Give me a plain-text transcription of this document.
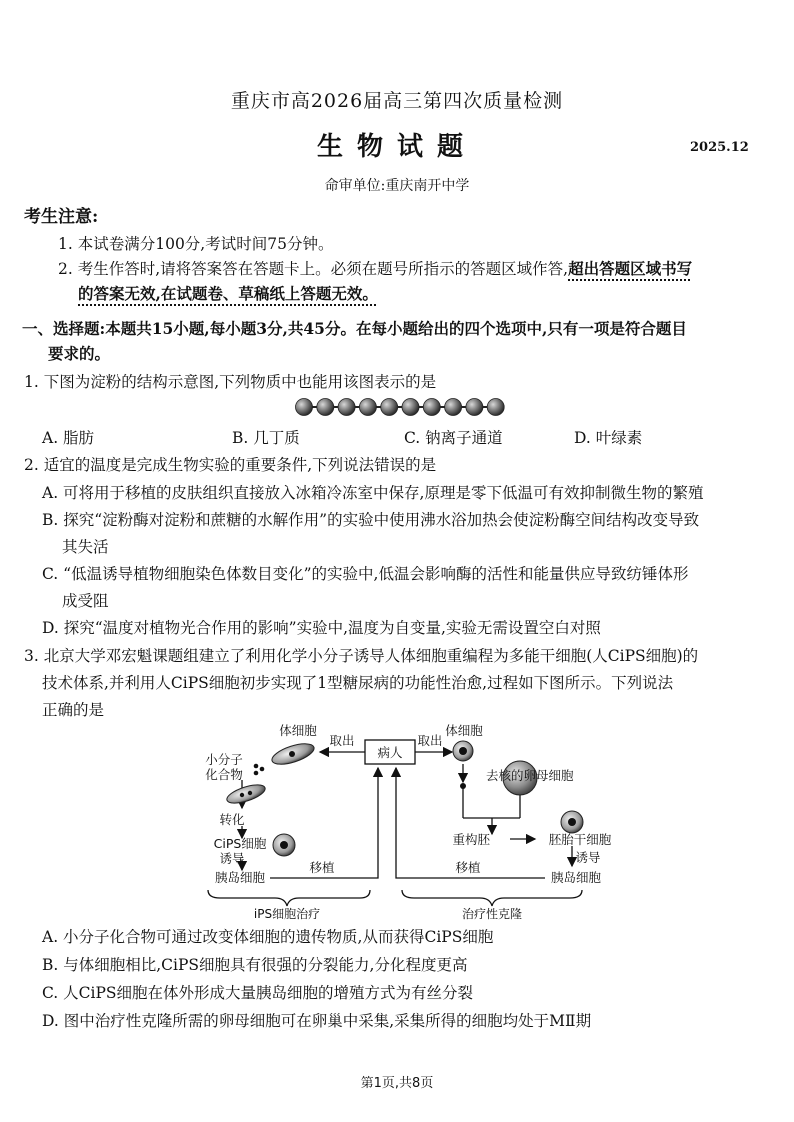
重庆市高2026届高三第四次质量检测
生物试题	2025.12
命审单位:重庆南开中学
考生注意:
1. 本试卷满分100分,考试时间75分钟。
2. 考生作答时,请将答案答在答题卡上。必须在题号所指示的答题区域作答,超出答题区域书写
的答案无效,在试题卷、草稿纸上答题无效。
一、选择题:本题共15小题,每小题3分,共45分。在每小题给出的四个选项中,只有一项是符合题目
要求的。
1. 下图为淀粉的结构示意图,下列物质中也能用该图表示的是
A. 脂肪	B. 几丁质	C. 钠离子通道	D. 叶绿素
2. 适宜的温度是完成生物实验的重要条件,下列说法错误的是
A. 可将用于移植的皮肤组织直接放入冰箱冷冻室中保存,原理是零下低温可有效抑制微生物的繁殖
B. 探究“淀粉酶对淀粉和蔗糖的水解作用”的实验中使用沸水浴加热会使淀粉酶空间结构改变导致
其失活
C. “低温诱导植物细胞染色体数目变化”的实验中,低温会影响酶的活性和能量供应导致纺锤体形
成受阻
D. 探究“温度对植物光合作用的影响”实验中,温度为自变量,实验无需设置空白对照
3. 北京大学邓宏魁课题组建立了利用化学小分子诱导人体细胞重编程为多能干细胞(人CiPS细胞)的
技术体系,并利用人CiPS细胞初步实现了1型糖尿病的功能性治愈,过程如下图所示。下列说法
正确的是
病人
取出	取出
体细胞	体细胞
小分子
化合物
转化
CiPS细胞
诱导
胰岛细胞
移植
去核的卵母细胞
重构胚	胚胎干细胞
诱导
移植
胰岛细胞
iPS细胞治疗	治疗性克隆
A. 小分子化合物可通过改变体细胞的遗传物质,从而获得CiPS细胞
B. 与体细胞相比,CiPS细胞具有很强的分裂能力,分化程度更高
C. 人CiPS细胞在体外形成大量胰岛细胞的增殖方式为有丝分裂
D. 图中治疗性克隆所需的卵母细胞可在卵巢中采集,采集所得的细胞均处于MⅡ期
第1页,共8页
